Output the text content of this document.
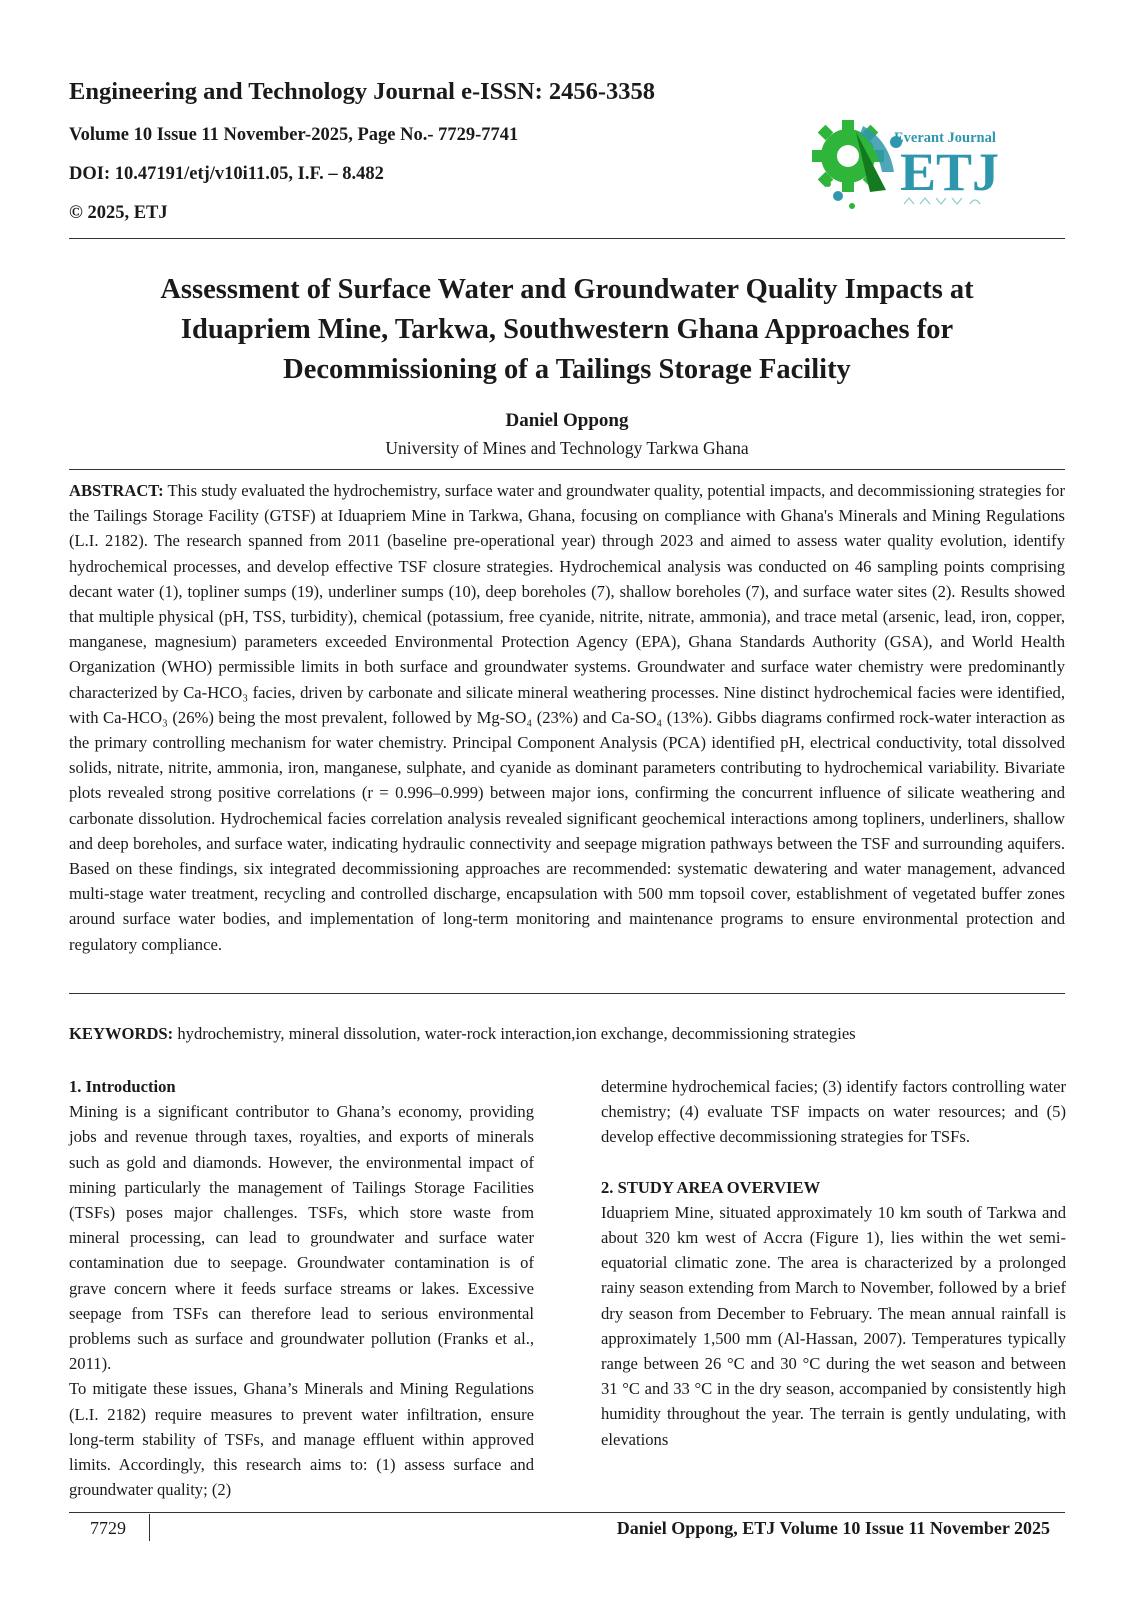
Engineering and Technology Journal e-ISSN: 2456-3358
Volume 10 Issue 11 November-2025, Page No.- 7729-7741
DOI: 10.47191/etj/v10i11.05, I.F. – 8.482
© 2025, ETJ
ETJ
Everant Journal
Assessment of Surface Water and Groundwater Quality Impacts at
Iduapriem Mine, Tarkwa, Southwestern Ghana Approaches for
Decommissioning of a Tailings Storage Facility
Daniel Oppong
University of Mines and Technology Tarkwa Ghana
ABSTRACT: This study evaluated the hydrochemistry, surface water and groundwater quality, potential impacts, and decommissioning strategies for the Tailings Storage Facility (GTSF) at Iduapriem Mine in Tarkwa, Ghana, focusing on compliance with Ghana's Minerals and Mining Regulations (L.I. 2182). The research spanned from 2011 (baseline pre-operational year) through 2023 and aimed to assess water quality evolution, identify hydrochemical processes, and develop effective TSF closure strategies. Hydrochemical analysis was conducted on 46 sampling points comprising decant water (1), topliner sumps (19), underliner sumps (10), deep boreholes (7), shallow boreholes (7), and surface water sites (2). Results showed that multiple physical (pH, TSS, turbidity), chemical (potassium, free cyanide, nitrite, nitrate, ammonia), and trace metal (arsenic, lead, iron, copper, manganese, magnesium) parameters exceeded Environmental Protection Agency (EPA), Ghana Standards Authority (GSA), and World Health Organization (WHO) permissible limits in both surface and groundwater systems. Groundwater and surface water chemistry were predominantly characterized by Ca-HCO₃ facies, driven by carbonate and silicate mineral weathering processes. Nine distinct hydrochemical facies were identified, with Ca-HCO₃ (26%) being the most prevalent, followed by Mg-SO₄ (23%) and Ca-SO₄ (13%). Gibbs diagrams confirmed rock-water interaction as the primary controlling mechanism for water chemistry. Principal Component Analysis (PCA) identified pH, electrical conductivity, total dissolved solids, nitrate, nitrite, ammonia, iron, manganese, sulphate, and cyanide as dominant parameters contributing to hydrochemical variability. Bivariate plots revealed strong positive correlations (r = 0.996–0.999) between major ions, confirming the concurrent influence of silicate weathering and carbonate dissolution. Hydrochemical facies correlation analysis revealed significant geochemical interactions among topliners, underliners, shallow and deep boreholes, and surface water, indicating hydraulic connectivity and seepage migration pathways between the TSF and surrounding aquifers. Based on these findings, six integrated decommissioning approaches are recommended: systematic dewatering and water management, advanced multi-stage water treatment, recycling and controlled discharge, encapsulation with 500 mm topsoil cover, establishment of vegetated buffer zones around surface water bodies, and implementation of long-term monitoring and maintenance programs to ensure environmental protection and regulatory compliance.
KEYWORDS: hydrochemistry, mineral dissolution, water-rock interaction,ion exchange, decommissioning strategies

1. Introduction

Mining is a significant contributor to Ghana’s economy, providing jobs and revenue through taxes, royalties, and exports of minerals such as gold and diamonds. However, the environmental impact of mining particularly the management of Tailings Storage Facilities (TSFs) poses major challenges. TSFs, which store waste from mineral processing, can lead to groundwater and surface water contamination due to seepage. Groundwater contamination is of grave concern where it feeds surface streams or lakes. Excessive seepage from TSFs can therefore lead to serious environmental problems such as surface and groundwater pollution (Franks et al., 2011).

To mitigate these issues, Ghana’s Minerals and Mining Regulations (L.I. 2182) require measures to prevent water infiltration, ensure long-term stability of TSFs, and manage effluent within approved limits. Accordingly, this research aims to: (1) assess surface and groundwater quality; (2)

determine hydrochemical facies; (3) identify factors controlling water chemistry; (4) evaluate TSF impacts on water resources; and (5) develop effective decommissioning strategies for TSFs.

2. STUDY AREA OVERVIEW

Iduapriem Mine, situated approximately 10 km south of Tarkwa and about 320 km west of Accra (Figure 1), lies within the wet semi-equatorial climatic zone. The area is characterized by a prolonged rainy season extending from March to November, followed by a brief dry season from December to February. The mean annual rainfall is approximately 1,500 mm (Al-Hassan, 2007). Temperatures typically range between 26 °C and 30 °C during the wet season and between 31 °C and 33 °C in the dry season, accompanied by consistently high humidity throughout the year. The terrain is gently undulating, with elevations

7729	Daniel Oppong, ETJ Volume 10 Issue 11 November 2025
